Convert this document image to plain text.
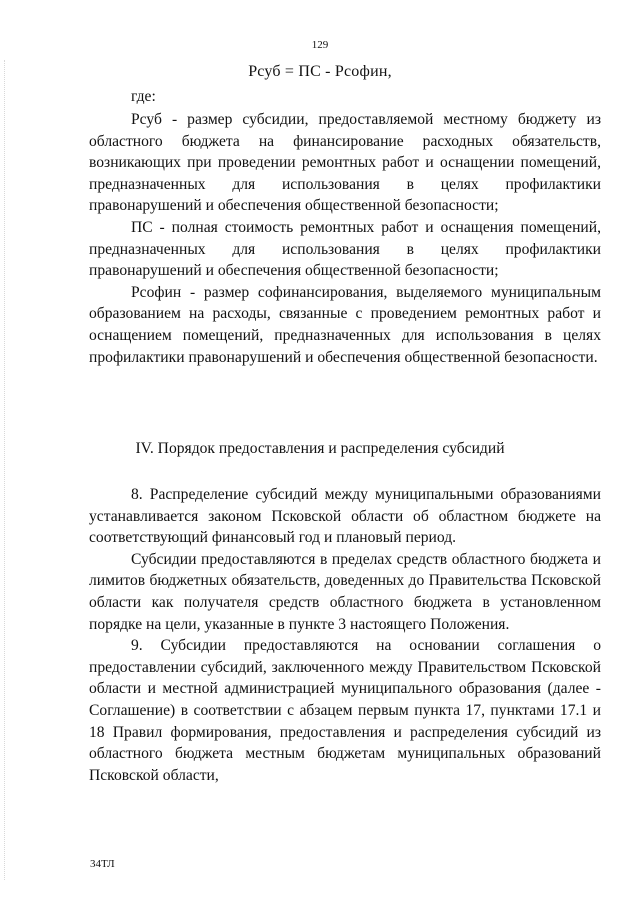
129
Рсуб = ПС - Рсофин,
где:

Рсуб - размер субсидии, предоставляемой местному бюджету из областного бюджета на финансирование расходных обязательств, возникающих при проведении ремонтных работ и оснащении помещений, предназначенных для использования в целях профилактики правонарушений и обеспечения общественной безопасности;

ПС - полная стоимость ремонтных работ и оснащения помещений, предназначенных для использования в целях профилактики правонарушений и обеспечения общественной безопасности;

Рсофин - размер софинансирования, выделяемого муниципальным образованием на расходы, связанные с проведением ремонтных работ и оснащением помещений, предназначенных для использования в целях профилактики правонарушений и обеспечения общественной безопасности.

IV. Порядок предоставления и распределения субсидий

8. Распределение субсидий между муниципальными образованиями устанавливается законом Псковской области об областном бюджете на соответствующий финансовый год и плановый период.

Субсидии предоставляются в пределах средств областного бюджета и лимитов бюджетных обязательств, доведенных до Правительства Псковской области как получателя средств областного бюджета в установленном порядке на цели, указанные в пункте 3 настоящего Положения.

9. Субсидии предоставляются на основании соглашения о предоставлении субсидий, заключенного между Правительством Псковской области и местной администрацией муниципального образования (далее - Соглашение) в соответствии с абзацем первым пункта 17, пунктами 17.1 и 18 Правил формирования, предоставления и распределения субсидий из областного бюджета местным бюджетам муниципальных образований Псковской области,

34ТЛ
